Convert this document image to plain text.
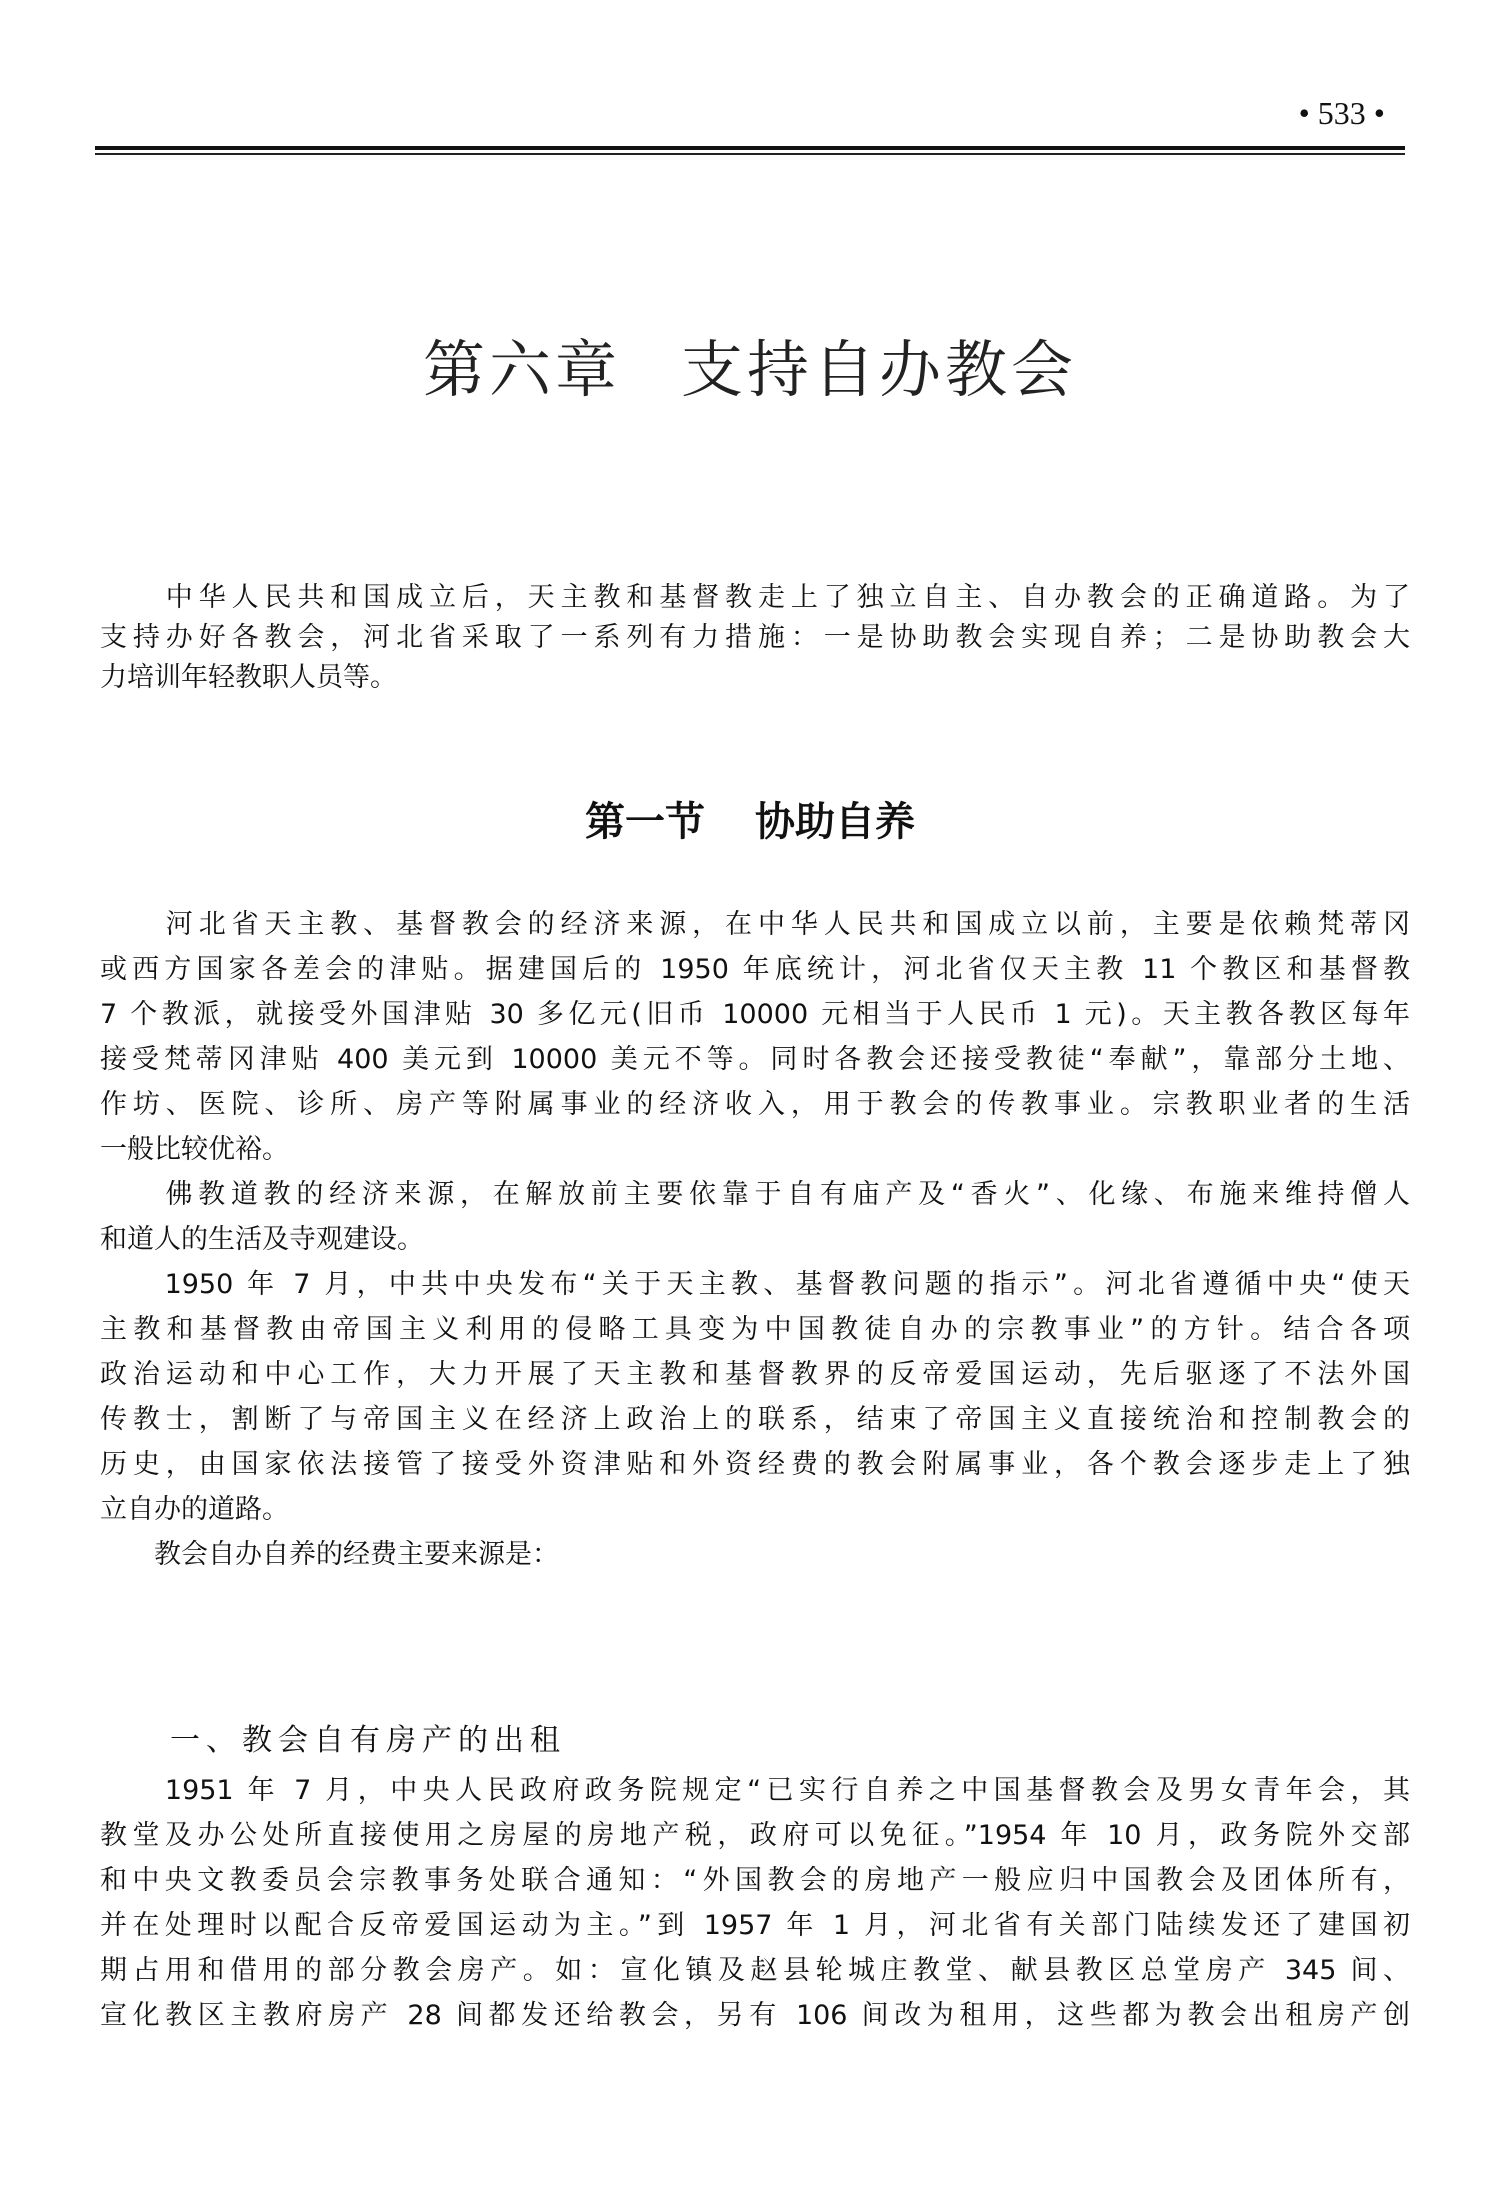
• 533 •
第六章 支持自办教会
　　中华人民共和国成立后，天主教和基督教走上了独立自主、自办教会的正确道路。为了
支持办好各教会，河北省采取了一系列有力措施：一是协助教会实现自养；二是协助教会大
力培训年轻教职人员等。
第一节 协助自养
　　河北省天主教、基督教会的经济来源，在中华人民共和国成立以前，主要是依赖梵蒂冈
或西方国家各差会的津贴。据建国后的 1950 年底统计，河北省仅天主教 11 个教区和基督教
7 个教派，就接受外国津贴 30 多亿元(旧币 10000 元相当于人民币 1 元)。天主教各教区每年
接受梵蒂冈津贴 400 美元到 10000 美元不等。同时各教会还接受教徒“奉献”，靠部分土地、
作坊、医院、诊所、房产等附属事业的经济收入，用于教会的传教事业。宗教职业者的生活
一般比较优裕。
　　佛教道教的经济来源，在解放前主要依靠于自有庙产及“香火”、化缘、布施来维持僧人
和道人的生活及寺观建设。
　　1950 年 7 月，中共中央发布“关于天主教、基督教问题的指示”。河北省遵循中央“使天
主教和基督教由帝国主义利用的侵略工具变为中国教徒自办的宗教事业”的方针。结合各项
政治运动和中心工作，大力开展了天主教和基督教界的反帝爱国运动，先后驱逐了不法外国
传教士，割断了与帝国主义在经济上政治上的联系，结束了帝国主义直接统治和控制教会的
历史，由国家依法接管了接受外资津贴和外资经费的教会附属事业，各个教会逐步走上了独
立自办的道路。
　　教会自办自养的经费主要来源是：
一、教会自有房产的出租
　　1951 年 7 月，中央人民政府政务院规定“已实行自养之中国基督教会及男女青年会，其
教堂及办公处所直接使用之房屋的房地产税，政府可以免征。”1954 年 10 月，政务院外交部
和中央文教委员会宗教事务处联合通知：“外国教会的房地产一般应归中国教会及团体所有，
并在处理时以配合反帝爱国运动为主。”到 1957 年 1 月，河北省有关部门陆续发还了建国初
期占用和借用的部分教会房产。如：宣化镇及赵县轮城庄教堂、献县教区总堂房产 345 间、
宣化教区主教府房产 28 间都发还给教会，另有 106 间改为租用，这些都为教会出租房产创
